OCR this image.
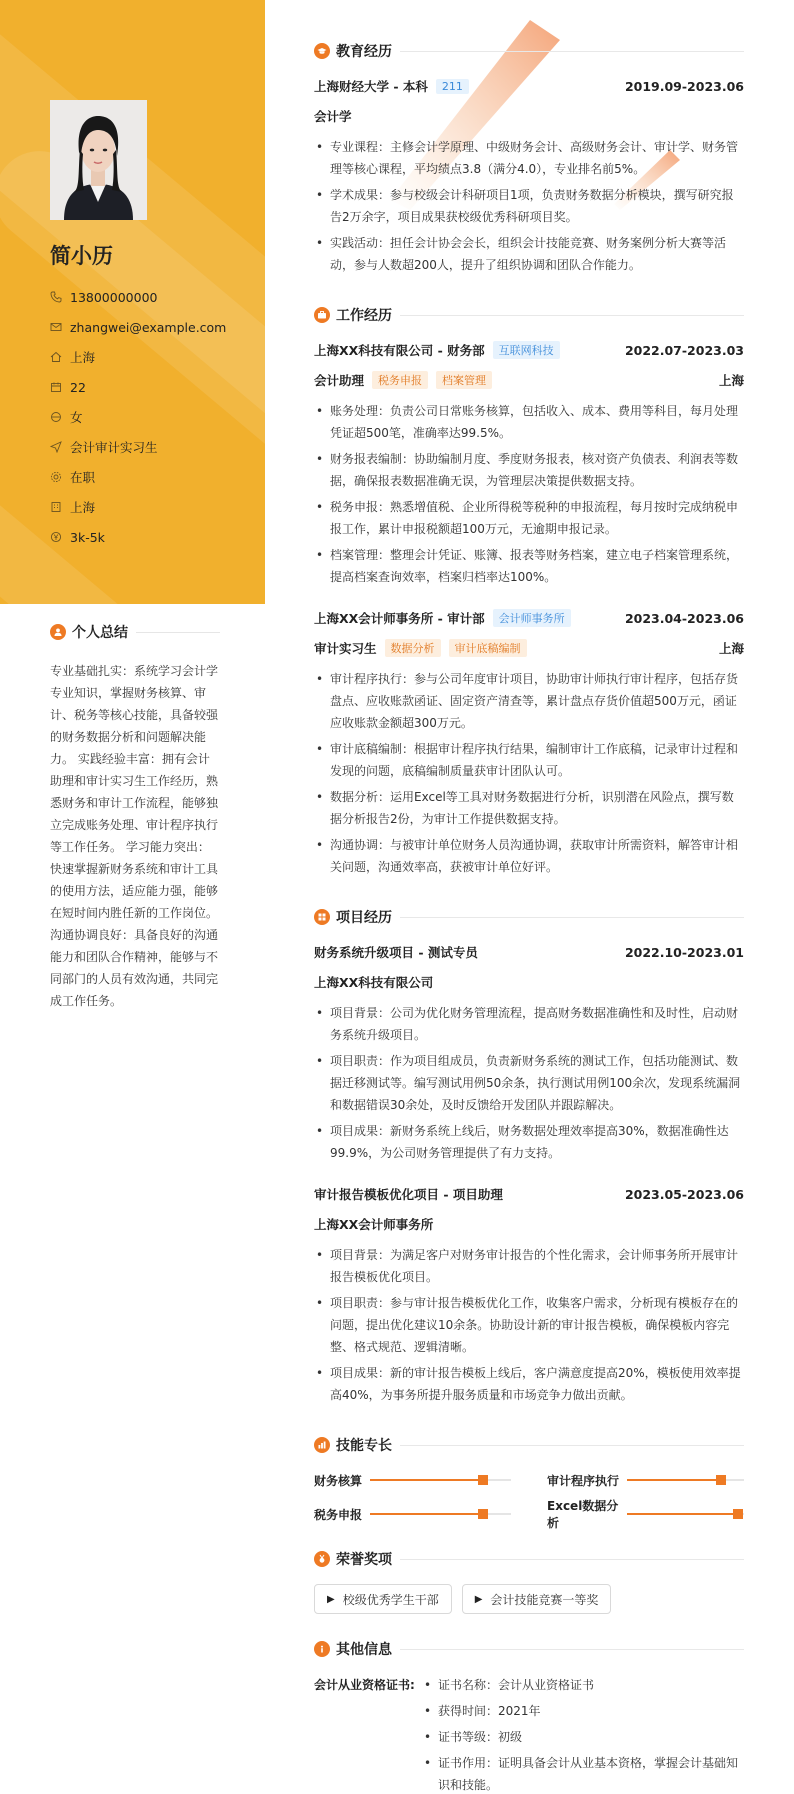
简小历
13800000000
zhangwei@example.com
上海
22
女
会计审计实习生
在职
上海
3k-5k
个人总结

专业基础扎实：系统学习会计学专业知识，掌握财务核算、审计、税务等核心技能，具备较强的财务数据分析和问题解决能力。 实践经验丰富：拥有会计助理和审计实习生工作经历，熟悉财务和审计工作流程，能够独立完成账务处理、审计程序执行等工作任务。 学习能力突出：快速掌握新财务系统和审计工具的使用方法，适应能力强，能够在短时间内胜任新的工作岗位。 沟通协调良好：具备良好的沟通能力和团队合作精神，能够与不同部门的人员有效沟通，共同完成工作任务。

教育经历
上海财经大学 - 本科	211	2019.09-2023.06
会计学
• 专业课程：主修会计学原理、中级财务会计、高级财务会计、审计学、财务管理等核心课程，平均绩点3.8（满分4.0），专业排名前5%。
• 学术成果：参与校级会计科研项目1项，负责财务数据分析模块，撰写研究报告2万余字，项目成果获校级优秀科研项目奖。
• 实践活动：担任会计协会会长，组织会计技能竞赛、财务案例分析大赛等活动，参与人数超200人，提升了组织协调和团队合作能力。
工作经历
上海XX科技有限公司 - 财务部	互联网科技	2022.07-2023.03
会计助理	税务申报	档案管理	上海
• 账务处理：负责公司日常账务核算，包括收入、成本、费用等科目，每月处理凭证超500笔，准确率达99.5%。
• 财务报表编制：协助编制月度、季度财务报表，核对资产负债表、利润表等数据，确保报表数据准确无误，为管理层决策提供数据支持。
• 税务申报：熟悉增值税、企业所得税等税种的申报流程，每月按时完成纳税申报工作，累计申报税额超100万元，无逾期申报记录。
• 档案管理：整理会计凭证、账簿、报表等财务档案，建立电子档案管理系统，提高档案查询效率，档案归档率达100%。
上海XX会计师事务所 - 审计部	会计师事务所	2023.04-2023.06
审计实习生	数据分析	审计底稿编制	上海
• 审计程序执行：参与公司年度审计项目，协助审计师执行审计程序，包括存货盘点、应收账款函证、固定资产清查等，累计盘点存货价值超500万元，函证应收账款金额超300万元。
• 审计底稿编制：根据审计程序执行结果，编制审计工作底稿，记录审计过程和发现的问题，底稿编制质量获审计团队认可。
• 数据分析：运用Excel等工具对财务数据进行分析，识别潜在风险点，撰写数据分析报告2份，为审计工作提供数据支持。
• 沟通协调：与被审计单位财务人员沟通协调，获取审计所需资料，解答审计相关问题，沟通效率高，获被审计单位好评。
项目经历
财务系统升级项目 - 测试专员	2022.10-2023.01
上海XX科技有限公司
• 项目背景：公司为优化财务管理流程，提高财务数据准确性和及时性，启动财务系统升级项目。
• 项目职责：作为项目组成员，负责新财务系统的测试工作，包括功能测试、数据迁移测试等。编写测试用例50余条，执行测试用例100余次，发现系统漏洞和数据错误30余处，及时反馈给开发团队并跟踪解决。
• 项目成果：新财务系统上线后，财务数据处理效率提高30%，数据准确性达99.9%，为公司财务管理提供了有力支持。
审计报告模板优化项目 - 项目助理	2023.05-2023.06
上海XX会计师事务所
• 项目背景：为满足客户对财务审计报告的个性化需求，会计师事务所开展审计报告模板优化项目。
• 项目职责：参与审计报告模板优化工作，收集客户需求，分析现有模板存在的问题，提出优化建议10余条。协助设计新的审计报告模板，确保模板内容完整、格式规范、逻辑清晰。
• 项目成果：新的审计报告模板上线后，客户满意度提高20%，模板使用效率提高40%，为事务所提升服务质量和市场竞争力做出贡献。
技能专长
财务核算	审计程序执行
税务申报
Excel数据分析
荣誉奖项
▶ 校级优秀学生干部	▶ 会计技能竞赛一等奖
其他信息
会计从业资格证书:
•	证书名称：会计从业资格证书
• 获得时间：2021年
• 证书等级：初级
• 证书作用：证明具备会计从业基本资格，掌握会计基础知识和技能。
